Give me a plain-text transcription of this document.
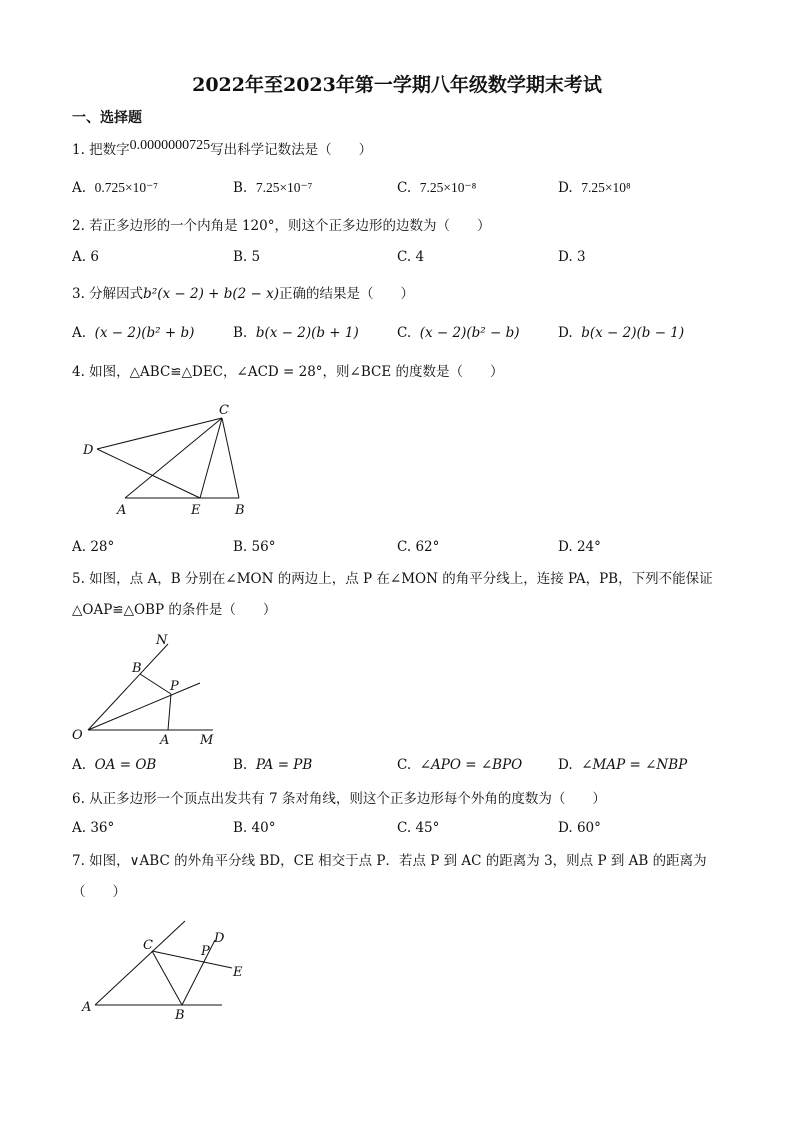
2022年至2023年第一学期八年级数学期末考试
一、选择题
1. 把数字0.0000000725写出科学记数法是（　　）
A. 0.725×10⁻⁷	B. 7.25×10⁻⁷	C. 7.25×10⁻⁸	D. 7.25×10⁸
2. 若正多边形的一个内角是 120°，则这个正多边形的边数为（　　）
A. 6	B. 5	C. 4	D. 3
3. 分解因式b²(x − 2) + b(2 − x)正确的结果是（　　）
A. (x − 2)(b² + b)	B. b(x − 2)(b + 1)	C. (x − 2)(b² − b)	D. b(x − 2)(b − 1)
4. 如图，△ABC≌△DEC，∠ACD = 28°，则∠BCE 的度数是（　　）
C
D
A	E	B
A. 28°	B. 56°	C. 62°	D. 24°
5. 如图，点 A，B 分别在∠MON 的两边上，点 P 在∠MON 的角平分线上，连接 PA，PB，下列不能保证
△OAP≌△OBP 的条件是（　　）
N
B
P
O	A M
A. OA = OB	B. PA = PB	C. ∠APO = ∠BPO	D. ∠MAP = ∠NBP
6. 从正多边形一个顶点出发共有 7 条对角线，则这个正多边形每个外角的度数为（　　）
A. 36°	B. 40°	C. 45°	D. 60°
7. 如图，∨ABC 的外角平分线 BD，CE 相交于点 P．若点 P 到 AC 的距离为 3，则点 P 到 AB 的距离为
（　　）
C	P
D
E
A
B
